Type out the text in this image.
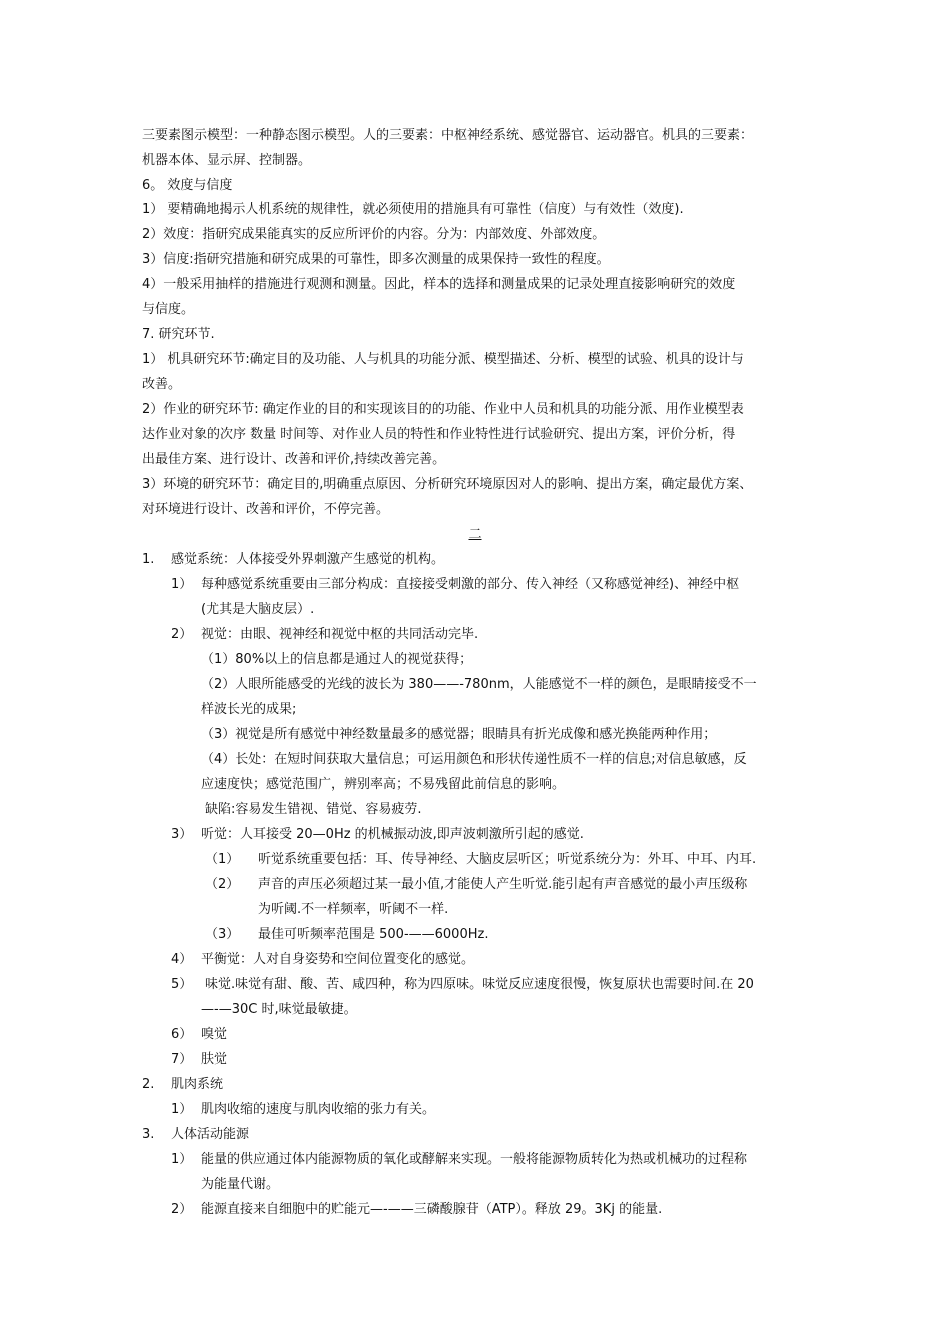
三要素图示模型：一种静态图示模型。人的三要素：中枢神经系统、感觉器官、运动器官。机具的三要素：
机器本体、显示屏、控制器。
6。 效度与信度
1） 要精确地揭示人机系统的规律性，就必须使用的措施具有可靠性（信度）与有效性（效度).
2）效度：指研究成果能真实的反应所评价的内容。分为：内部效度、外部效度。
3）信度:指研究措施和研究成果的可靠性，即多次测量的成果保持一致性的程度。
4）一般采用抽样的措施进行观测和测量。因此，样本的选择和测量成果的记录处理直接影响研究的效度
与信度。
7. 研究环节.
1） 机具研究环节:确定目的及功能、人与机具的功能分派、模型描述、分析、模型的试验、机具的设计与
改善。
2）作业的研究环节: 确定作业的目的和实现该目的的功能、作业中人员和机具的功能分派、用作业模型表
达作业对象的次序 数量 时间等、对作业人员的特性和作业特性进行试验研究、提出方案，评价分析，得
出最佳方案、进行设计、改善和评价,持续改善完善。
3）环境的研究环节：确定目的,明确重点原因、分析研究环境原因对人的影响、提出方案，确定最优方案、
对环境进行设计、改善和评价，不停完善。
二
1. 感觉系统：人体接受外界刺激产生感觉的机构。
1） 每种感觉系统重要由三部分构成：直接接受刺激的部分、传入神经（又称感觉神经)、神经中枢
(尤其是大脑皮层）.
2） 视觉：由眼、视神经和视觉中枢的共同活动完毕.
（1）80%以上的信息都是通过人的视觉获得；
（2）人眼所能感受的光线的波长为 380——-780nm，人能感觉不一样的颜色，是眼睛接受不一
样波长光的成果;
（3）视觉是所有感觉中神经数量最多的感觉器；眼睛具有折光成像和感光换能两种作用；
（4）长处：在短时间获取大量信息；可运用颜色和形状传递性质不一样的信息;对信息敏感，反
应速度快；感觉范围广，辨别率高；不易残留此前信息的影响。
缺陷:容易发生错视、错觉、容易疲劳.
3） 听觉：人耳接受 20—0Hz 的机械振动波,即声波刺激所引起的感觉.
（1） 听觉系统重要包括：耳、传导神经、大脑皮层听区；听觉系统分为：外耳、中耳、内耳.
（2） 声音的声压必须超过某一最小值,才能使人产生听觉.能引起有声音感觉的最小声压级称
为听阈.不一样频率，听阈不一样.
（3） 最佳可听频率范围是 500-——6000Hz.
4） 平衡觉：人对自身姿势和空间位置变化的感觉。
5） 味觉.味觉有甜、酸、苦、咸四种，称为四原味。味觉反应速度很慢，恢复原状也需要时间.在 20
—-—30C 时,味觉最敏捷。
6） 嗅觉
7） 肤觉
2. 肌肉系统
1） 肌肉收缩的速度与肌肉收缩的张力有关。
3. 人体活动能源
1） 能量的供应通过体内能源物质的氧化或酵解来实现。一般将能源物质转化为热或机械功的过程称
为能量代谢。
2） 能源直接来自细胞中的贮能元—-——三磷酸腺苷（ATP）。释放 29。3Kj 的能量.
